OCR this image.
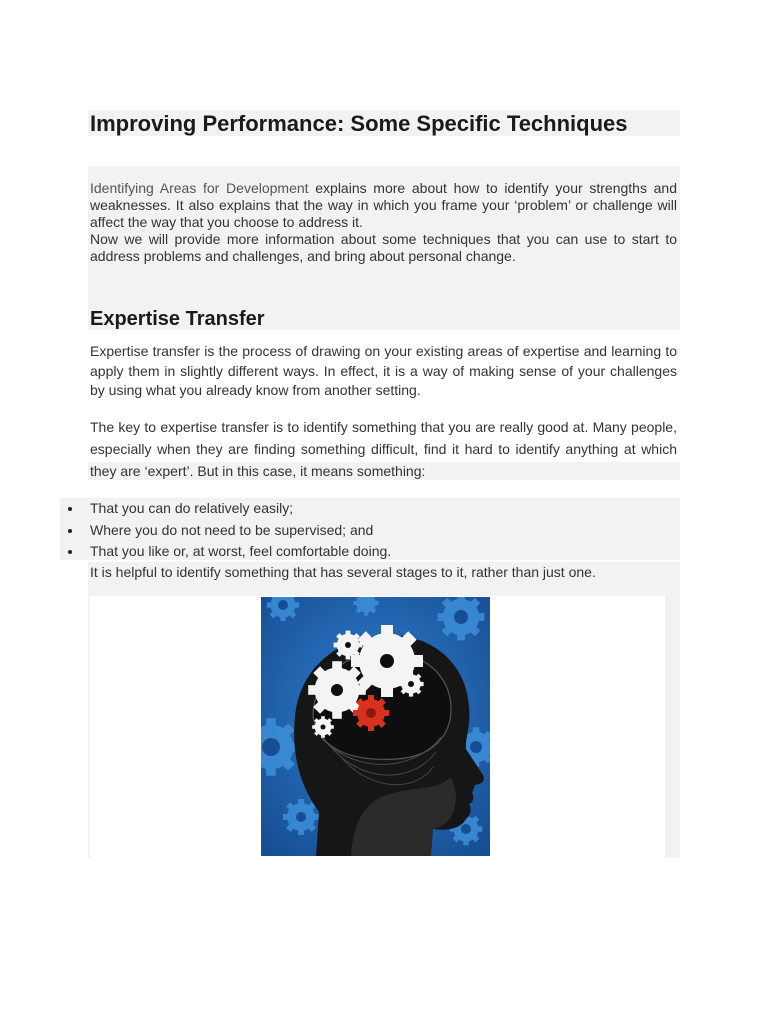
Improving Performance: Some Specific Techniques

Identifying Areas for Development explains more about how to identify your strengths and weaknesses. It also explains that the way in which you frame your ‘problem’ or challenge will affect the way that you choose to address it.

Now we will provide more information about some techniques that you can use to start to address problems and challenges, and bring about personal change.

Expertise Transfer

Expertise transfer is the process of drawing on your existing areas of expertise and learning to apply them in slightly different ways. In effect, it is a way of making sense of your challenges by using what you already know from another setting.

The key to expertise transfer is to identify something that you are really good at. Many people, especially when they are finding something difficult, find it hard to identify anything at which they are ‘expert’. But in this case, it means something:

That you can do relatively easily;
Where you do not need to be supervised; and
That you like or, at worst, feel comfortable doing.

It is helpful to identify something that has several stages to it, rather than just one.
